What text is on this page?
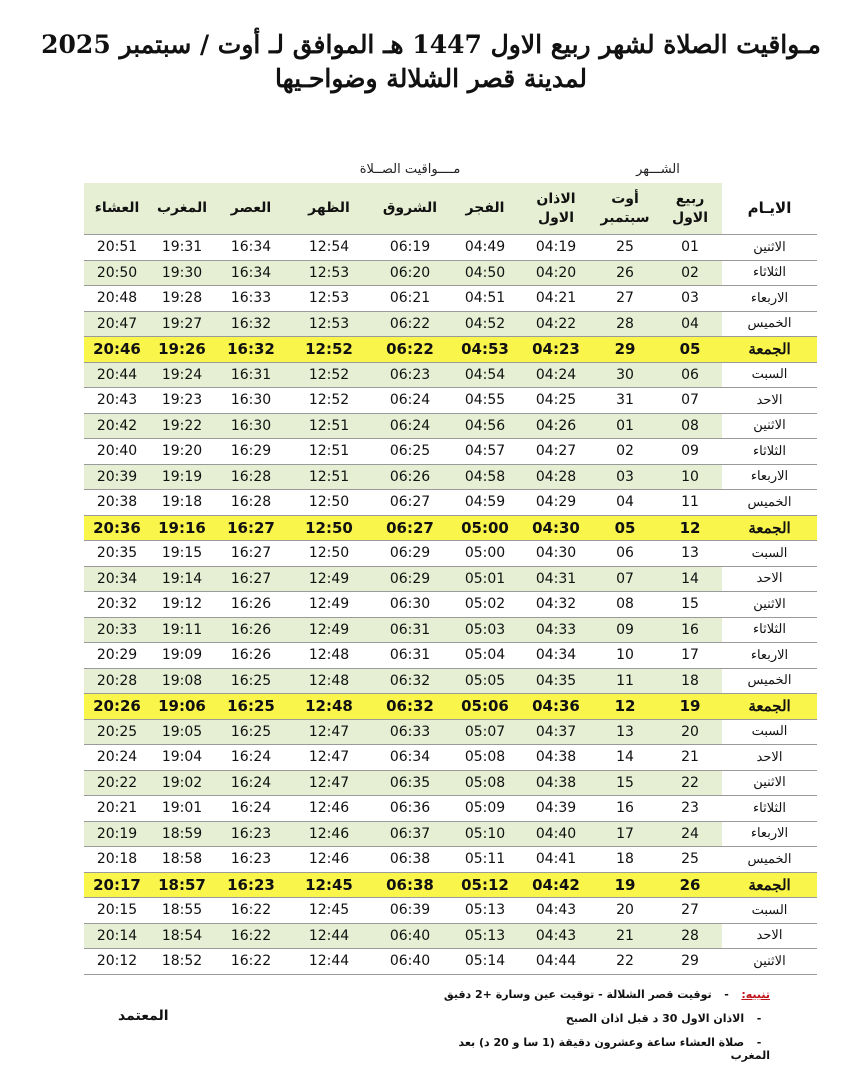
مـواقيت الصلاة لشهر ربيع الاول 1447 هـ الموافق لـ أوت / سبتمبر 2025
لمدينة قصر الشلالة وضواحـيها
مــــواقيت الصــلاة	الشـــهر
الايـام	ربيع الاول	أوت سبتمبر	الاذان الاول	الفجر	الشروق	الظهر	العصر	المغرب	العشاء
الاثنين	01	25	04:19	04:49	06:19	12:54	16:34	19:31	20:51
الثلاثاء	02	26	04:20	04:50	06:20	12:53	16:34	19:30	20:50
الاربعاء	03	27	04:21	04:51	06:21	12:53	16:33	19:28	20:48
الخميس	04	28	04:22	04:52	06:22	12:53	16:32	19:27	20:47
الجمعة	05	29	04:23	04:53	06:22	12:52	16:32	19:26	20:46
السبت	06	30	04:24	04:54	06:23	12:52	16:31	19:24	20:44
الاحد	07	31	04:25	04:55	06:24	12:52	16:30	19:23	20:43
الاثنين	08	01	04:26	04:56	06:24	12:51	16:30	19:22	20:42
الثلاثاء	09	02	04:27	04:57	06:25	12:51	16:29	19:20	20:40
الاربعاء	10	03	04:28	04:58	06:26	12:51	16:28	19:19	20:39
الخميس	11	04	04:29	04:59	06:27	12:50	16:28	19:18	20:38
الجمعة	12	05	04:30	05:00	06:27	12:50	16:27	19:16	20:36
السبت	13	06	04:30	05:00	06:29	12:50	16:27	19:15	20:35
الاحد	14	07	04:31	05:01	06:29	12:49	16:27	19:14	20:34
الاثنين	15	08	04:32	05:02	06:30	12:49	16:26	19:12	20:32
الثلاثاء	16	09	04:33	05:03	06:31	12:49	16:26	19:11	20:33
الاربعاء	17	10	04:34	05:04	06:31	12:48	16:26	19:09	20:29
الخميس	18	11	04:35	05:05	06:32	12:48	16:25	19:08	20:28
الجمعة	19	12	04:36	05:06	06:32	12:48	16:25	19:06	20:26
السبت	20	13	04:37	05:07	06:33	12:47	16:25	19:05	20:25
الاحد	21	14	04:38	05:08	06:34	12:47	16:24	19:04	20:24
الاثنين	22	15	04:38	05:08	06:35	12:47	16:24	19:02	20:22
الثلاثاء	23	16	04:39	05:09	06:36	12:46	16:24	19:01	20:21
الاربعاء	24	17	04:40	05:10	06:37	12:46	16:23	18:59	20:19
الخميس	25	18	04:41	05:11	06:38	12:46	16:23	18:58	20:18
الجمعة	26	19	04:42	05:12	06:38	12:45	16:23	18:57	20:17
السبت	27	20	04:43	05:13	06:39	12:45	16:22	18:55	20:15
الاحد	28	21	04:43	05:13	06:40	12:44	16:22	18:54	20:14
الاثنين	29	22	04:44	05:14	06:40	12:44	16:22	18:52	20:12
تنبيه: - توقيت قصر الشلالة - توقيت عين وسارة +2 دقيق
- الاذان الاول 30 د قبل اذان الصبح
- صلاة العشاء ساعة وعشرون دقيقة (1 سا و 20 د) بعد المغرب
المعتمد
